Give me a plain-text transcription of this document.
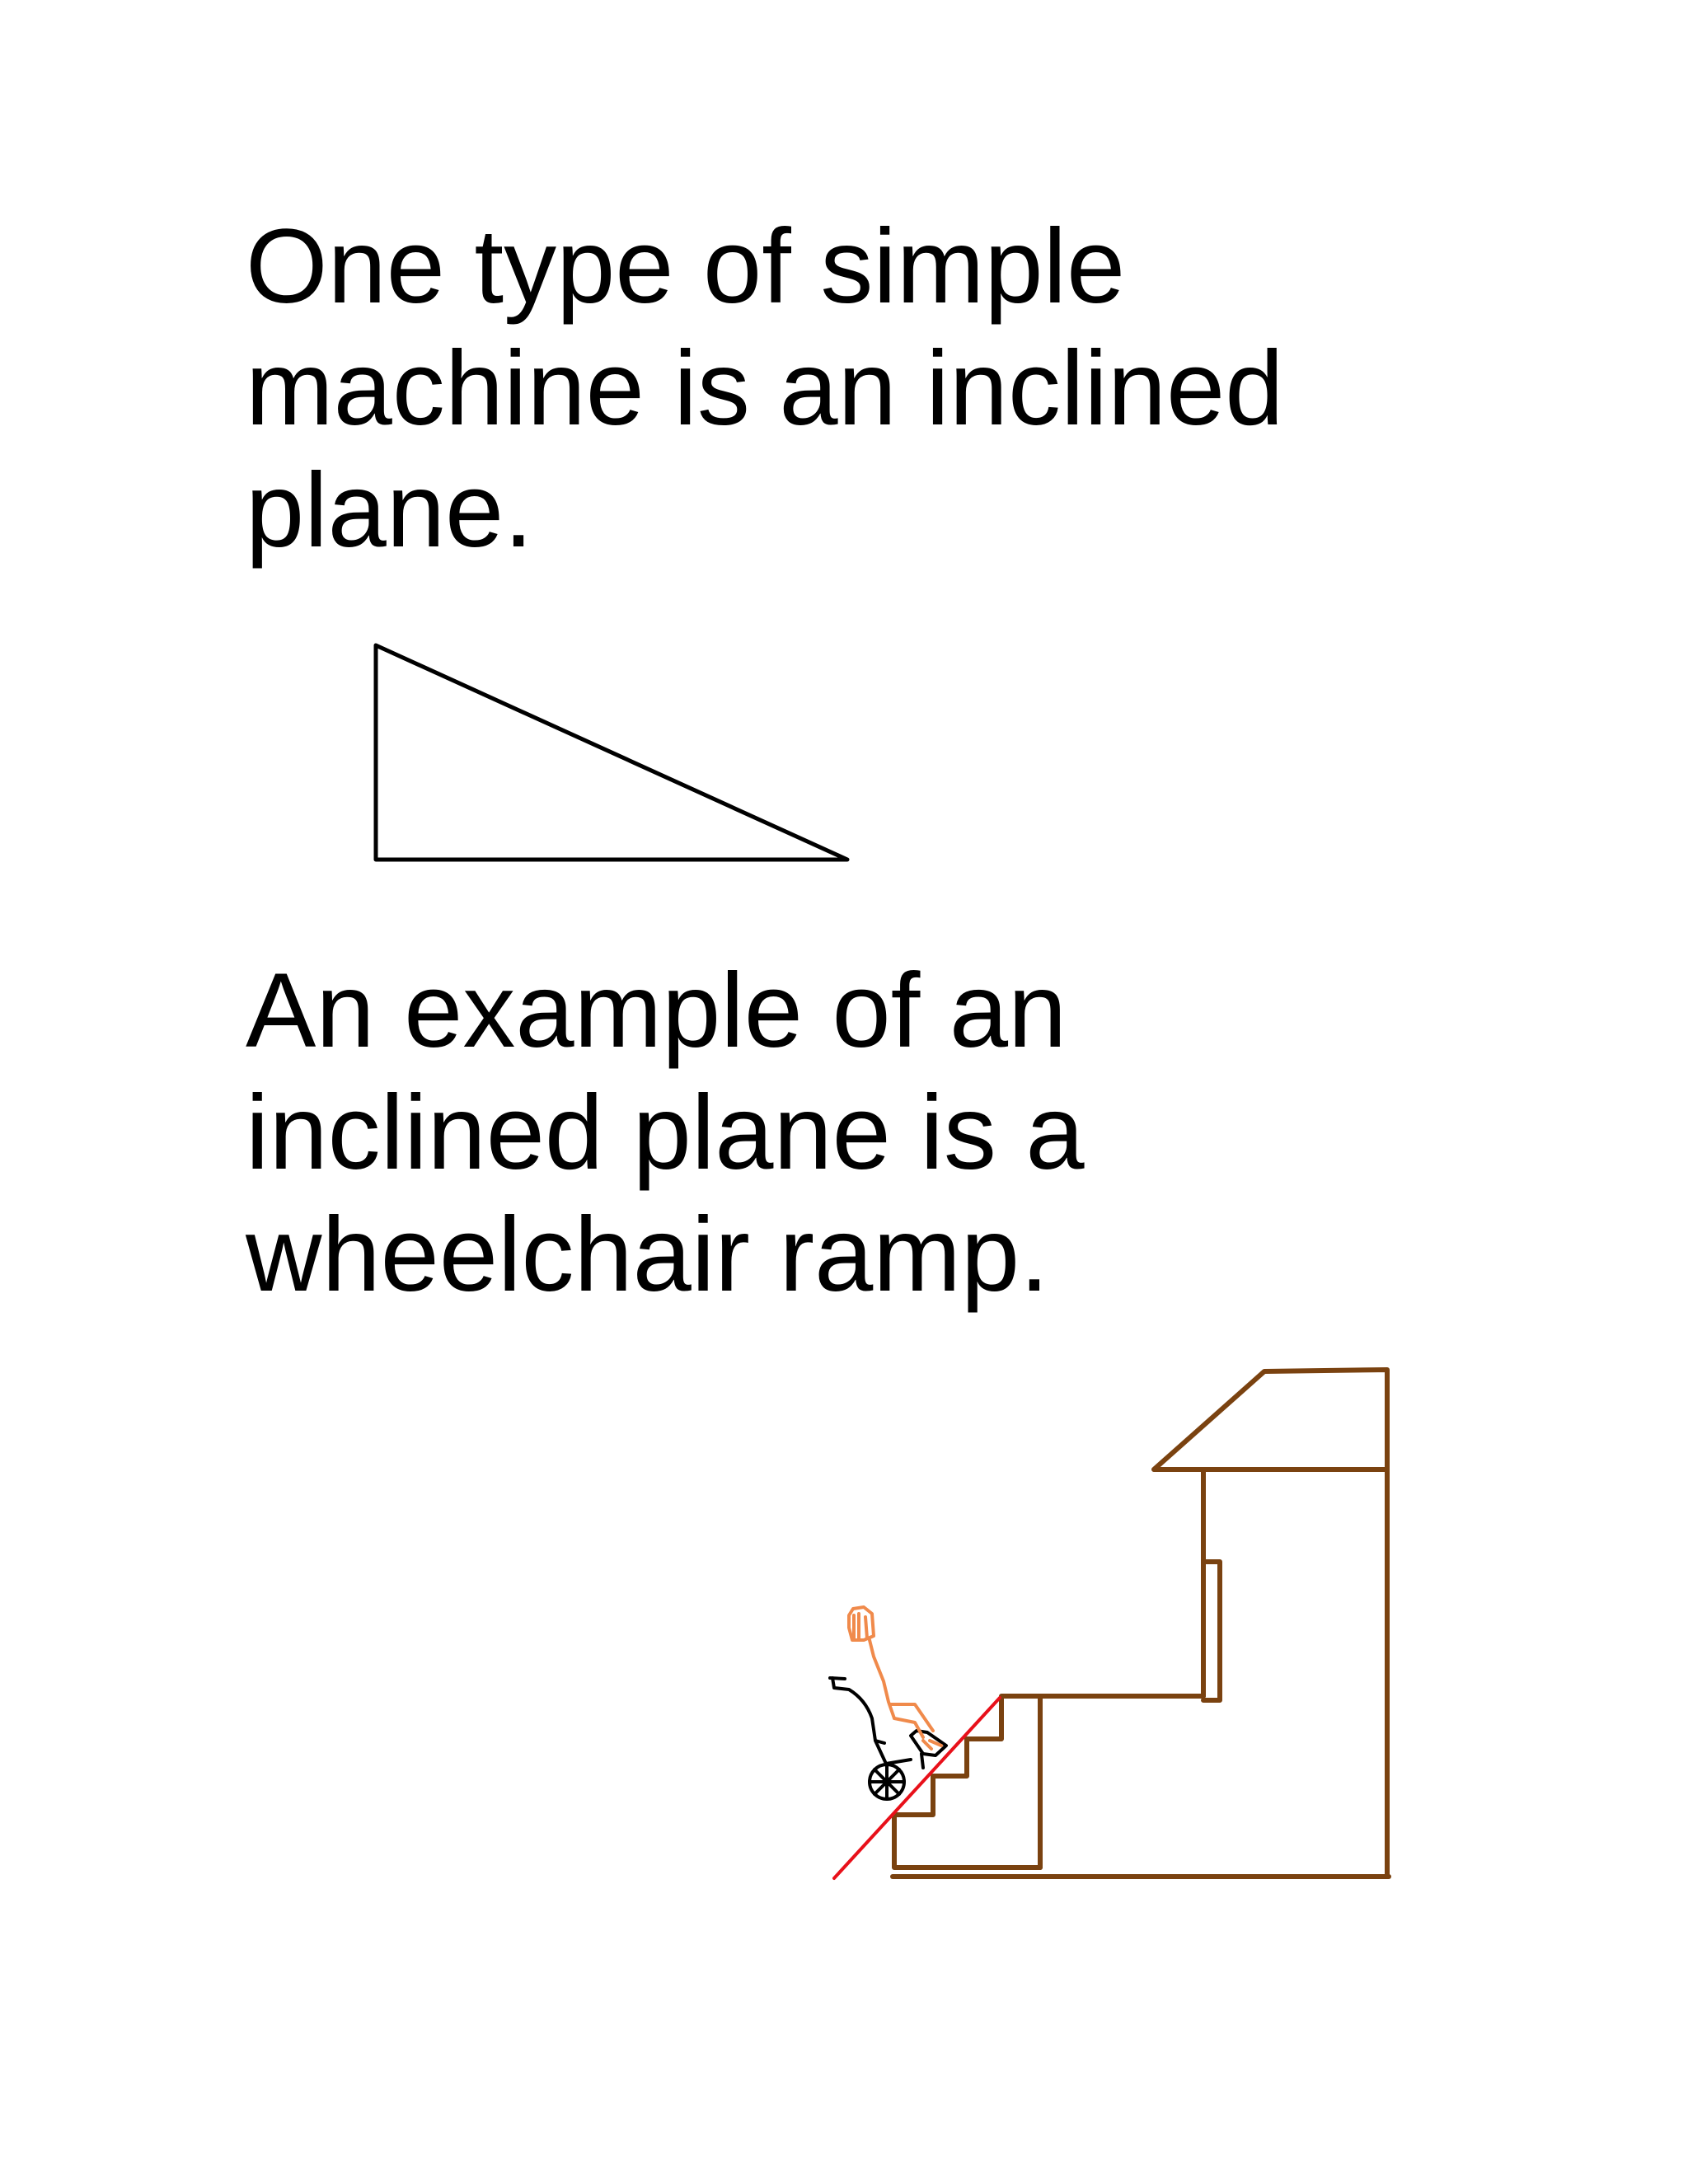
One type of simple
machine is an inclined
plane.

An example of an
inclined plane is a
wheelchair ramp.
